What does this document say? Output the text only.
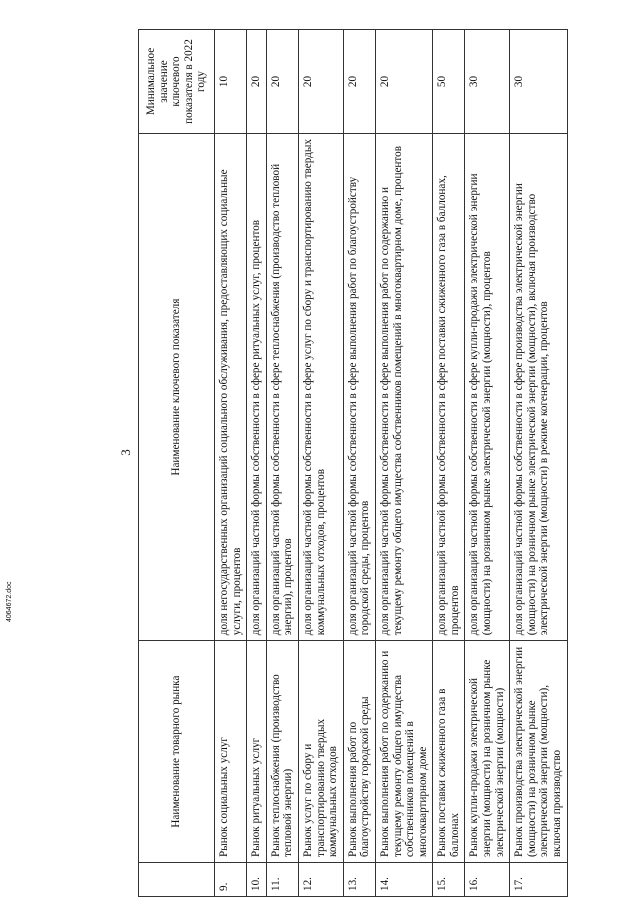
3
	Наименование товарного рынка	Наименование ключевого показателя	Минимальное значение ключевого показателя в 2022 году
9.	Рынок социальных услуг	доля негосударственных организаций социального обслуживания, предоставляющих социальные услуги, процентов	10
10.	Рынок ритуальных услуг	доля организаций частной формы собственности в сфере ритуальных услуг, процентов	20
11.	Рынок теплоснабжения (производство тепловой энергии)	доля организаций частной формы собственности в сфере теплоснабжения (производство тепловой энергии), процентов	20
12.	Рынок услуг по сбору и транспортированию твердых коммунальных отходов	доля организаций частной формы собственности в сфере услуг по сбору и транспортированию твердых коммунальных отходов, процентов	20
13.	Рынок выполнения работ по благоустройству городской среды	доля организаций частной формы собственности в сфере выполнения работ по благоустройству городской среды, процентов	20
14.	Рынок выполнения работ по содержанию и текущему ремонту общего имущества собственников помещений в многоквартирном доме	доля организаций частной формы собственности в сфере выполнения работ по содержанию и текущему ремонту общего имущества собственников помещений в многоквартирном доме, процентов	20
15.	Рынок поставки сжиженного газа в баллонах	доля организаций частной формы собственности в сфере поставки сжиженного газа в баллонах, процентов	50
16.	Рынок купли-продажи электрической энергии (мощности) на розничном рынке электрической энергии (мощности)	доля организаций частной формы собственности в сфере купли-продажи электрической энергии (мощности) на розничном рынке электрической энергии (мощности), процентов	30
17.	Рынок производства электрической энергии (мощности) на розничном рынке электрической энергии (мощности), включая производство	доля организаций частной формы собственности в сфере производства электрической энергии (мощности) на розничном рынке электрической энергии (мощности), включая производство электрической энергии (мощности) в режиме когенерации, процентов	30
4064672.doc
